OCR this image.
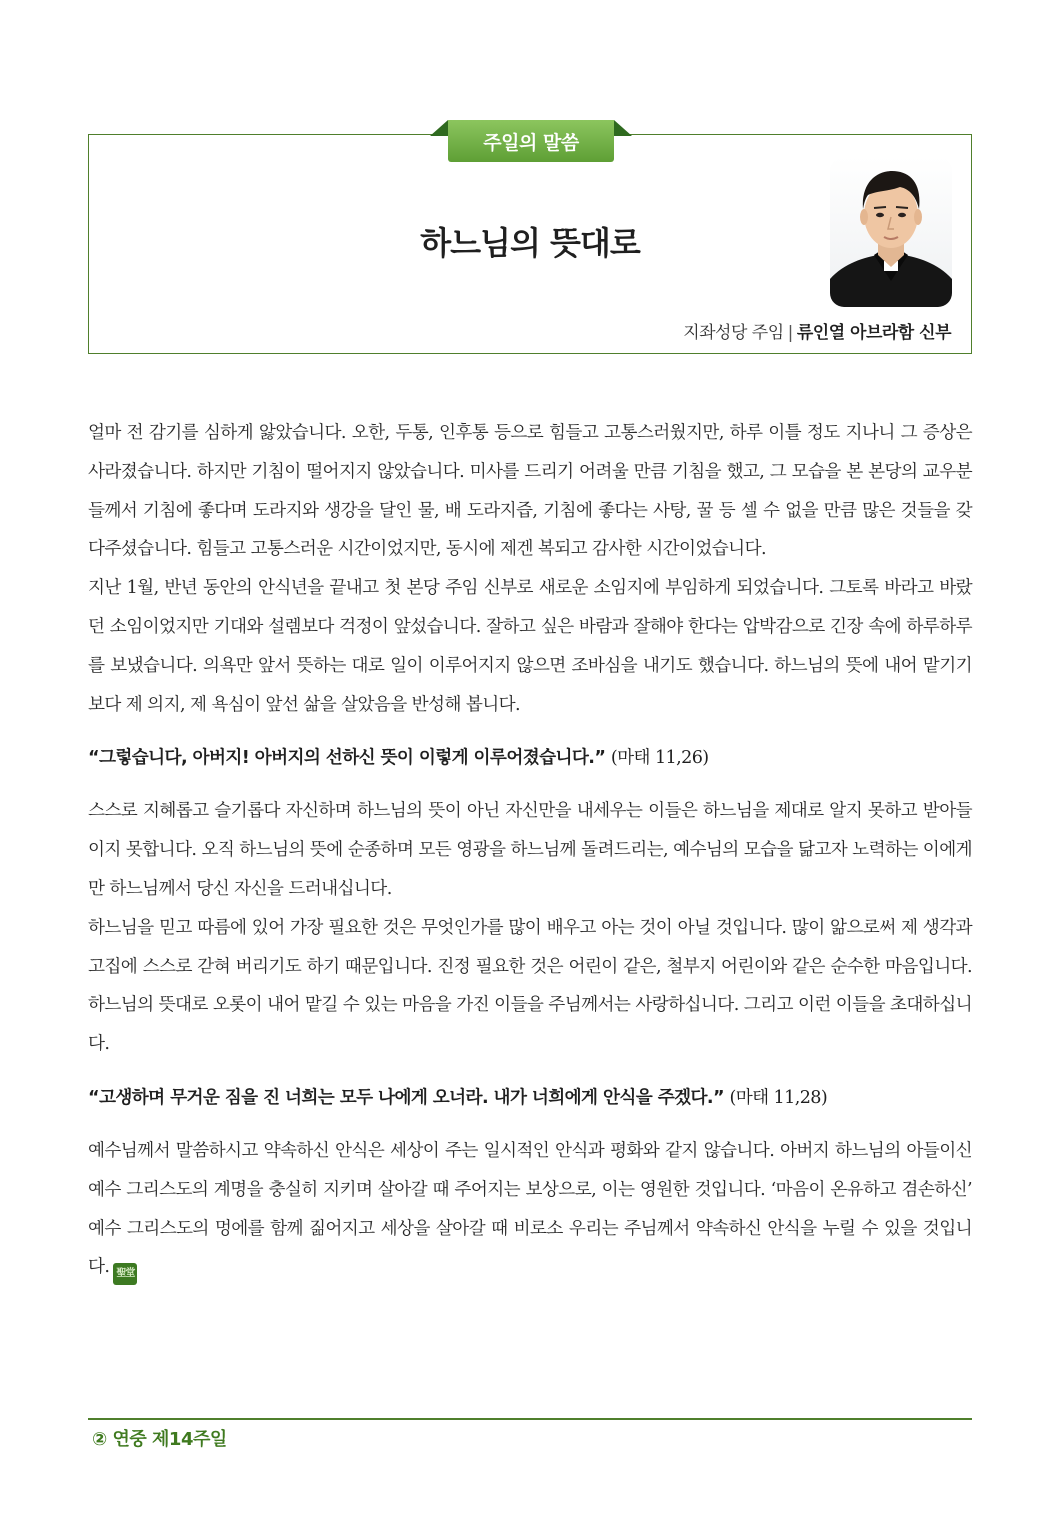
주일의 말씀
하느님의 뜻대로
지좌성당 주임 | 류인열 아브라함 신부

얼마 전 감기를 심하게 앓았습니다. 오한, 두통, 인후통 등으로 힘들고 고통스러웠지만, 하루 이틀 정도 지나니 그 증상은 사라졌습니다. 하지만 기침이 떨어지지 않았습니다. 미사를 드리기 어려울 만큼 기침을 했고, 그 모습을 본 본당의 교우분들께서 기침에 좋다며 도라지와 생강을 달인 물, 배 도라지즙, 기침에 좋다는 사탕, 꿀 등 셀 수 없을 만큼 많은 것들을 갖다주셨습니다. 힘들고 고통스러운 시간이었지만, 동시에 제겐 복되고 감사한 시간이었습니다.

지난 1월, 반년 동안의 안식년을 끝내고 첫 본당 주임 신부로 새로운 소임지에 부임하게 되었습니다. 그토록 바라고 바랐던 소임이었지만 기대와 설렘보다 걱정이 앞섰습니다. 잘하고 싶은 바람과 잘해야 한다는 압박감으로 긴장 속에 하루하루를 보냈습니다. 의욕만 앞서 뜻하는 대로 일이 이루어지지 않으면 조바심을 내기도 했습니다. 하느님의 뜻에 내어 맡기기보다 제 의지, 제 욕심이 앞선 삶을 살았음을 반성해 봅니다.

“그렇습니다, 아버지! 아버지의 선하신 뜻이 이렇게 이루어졌습니다.” (마태 11,26)

스스로 지혜롭고 슬기롭다 자신하며 하느님의 뜻이 아닌 자신만을 내세우는 이들은 하느님을 제대로 알지 못하고 받아들이지 못합니다. 오직 하느님의 뜻에 순종하며 모든 영광을 하느님께 돌려드리는, 예수님의 모습을 닮고자 노력하는 이에게만 하느님께서 당신 자신을 드러내십니다.

하느님을 믿고 따름에 있어 가장 필요한 것은 무엇인가를 많이 배우고 아는 것이 아닐 것입니다. 많이 앎으로써 제 생각과 고집에 스스로 갇혀 버리기도 하기 때문입니다. 진정 필요한 것은 어린이 같은, 철부지 어린이와 같은 순수한 마음입니다. 하느님의 뜻대로 오롯이 내어 맡길 수 있는 마음을 가진 이들을 주님께서는 사랑하십니다. 그리고 이런 이들을 초대하십니다.

“고생하며 무거운 짐을 진 너희는 모두 나에게 오너라. 내가 너희에게 안식을 주겠다.” (마태 11,28)

예수님께서 말씀하시고 약속하신 안식은 세상이 주는 일시적인 안식과 평화와 같지 않습니다. 아버지 하느님의 아들이신 예수 그리스도의 계명을 충실히 지키며 살아갈 때 주어지는 보상으로, 이는 영원한 것입니다. ‘마음이 온유하고 겸손하신’ 예수 그리스도의 멍에를 함께 짊어지고 세상을 살아갈 때 비로소 우리는 주님께서 약속하신 안식을 누릴 수 있을 것입니다. 聖堂

② 연중 제14주일
